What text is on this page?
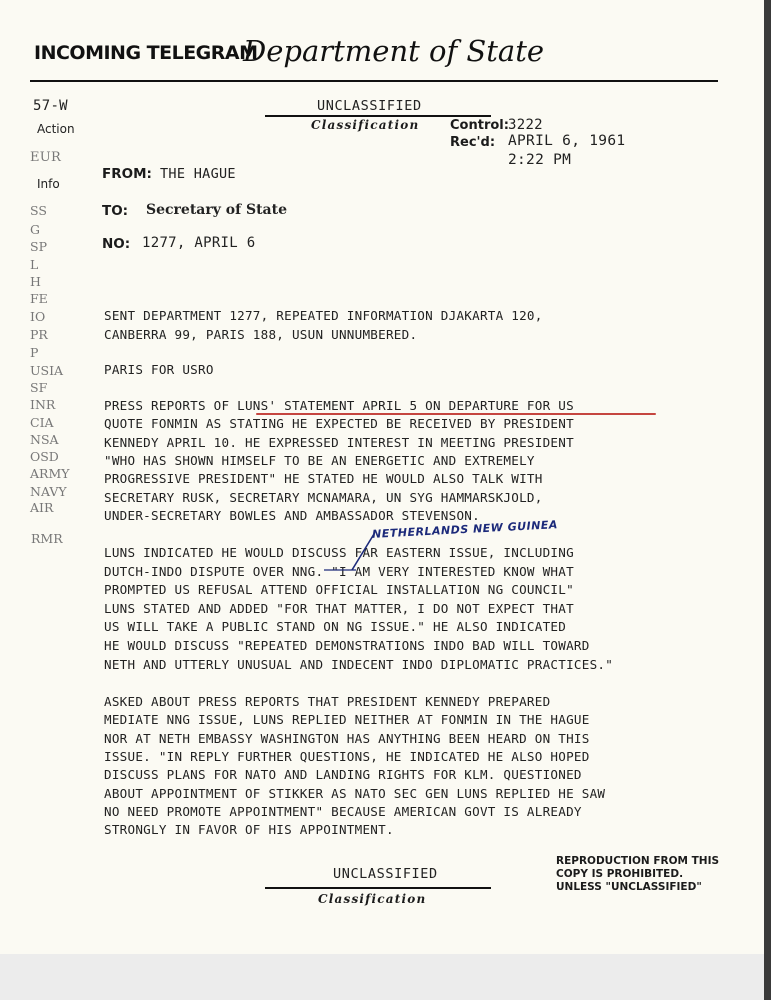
INCOMING TELEGRAM
Department of State
57-W
Action
EUR
Info
SS
G
SP
L
H
FE
IO
PR
P
USIA
SF
INR
CIA
NSA
OSD
ARMY
NAVY
AIR
RMR
UNCLASSIFIED
Classification Control: 3222
Rec'd: APRIL 6, 1961
2:22 PM
FROM: THE HAGUE
TO: Secretary of State
NO: 1277, APRIL 6
SENT DEPARTMENT 1277, REPEATED INFORMATION DJAKARTA 120,
CANBERRA 99, PARIS 188, USUN UNNUMBERED.
PARIS FOR USRO
PRESS REPORTS OF LUNS' STATEMENT APRIL 5 ON DEPARTURE FOR US
QUOTE FONMIN AS STATING HE EXPECTED BE RECEIVED BY PRESIDENT
KENNEDY APRIL 10. HE EXPRESSED INTEREST IN MEETING PRESIDENT
"WHO HAS SHOWN HIMSELF TO BE AN ENERGETIC AND EXTREMELY
PROGRESSIVE PRESIDENT" HE STATED HE WOULD ALSO TALK WITH
SECRETARY RUSK, SECRETARY MCNAMARA, UN SYG HAMMARSKJOLD,
UNDER-SECRETARY BOWLES AND AMBASSADOR STEVENSON.
LUNS INDICATED HE WOULD DISCUSS FAR EASTERN ISSUE, INCLUDING
DUTCH-INDO DISPUTE OVER NNG. "I AM VERY INTERESTED KNOW WHAT
PROMPTED US REFUSAL ATTEND OFFICIAL INSTALLATION NG COUNCIL"
LUNS STATED AND ADDED "FOR THAT MATTER, I DO NOT EXPECT THAT
US WILL TAKE A PUBLIC STAND ON NG ISSUE." HE ALSO INDICATED
HE WOULD DISCUSS "REPEATED DEMONSTRATIONS INDO BAD WILL TOWARD
NETH AND UTTERLY UNUSUAL AND INDECENT INDO DIPLOMATIC PRACTICES."
ASKED ABOUT PRESS REPORTS THAT PRESIDENT KENNEDY PREPARED
MEDIATE NNG ISSUE, LUNS REPLIED NEITHER AT FONMIN IN THE HAGUE
NOR AT NETH EMBASSY WASHINGTON HAS ANYTHING BEEN HEARD ON THIS
ISSUE. "IN REPLY FURTHER QUESTIONS, HE INDICATED HE ALSO HOPED
DISCUSS PLANS FOR NATO AND LANDING RIGHTS FOR KLM. QUESTIONED
ABOUT APPOINTMENT OF STIKKER AS NATO SEC GEN LUNS REPLIED HE SAW
NO NEED PROMOTE APPOINTMENT" BECAUSE AMERICAN GOVT IS ALREADY
STRONGLY IN FAVOR OF HIS APPOINTMENT.
NETHERLANDS NEW GUINEA
UNCLASSIFIED
Classification
REPRODUCTION FROM THIS
COPY IS PROHIBITED.
UNLESS "UNCLASSIFIED"
